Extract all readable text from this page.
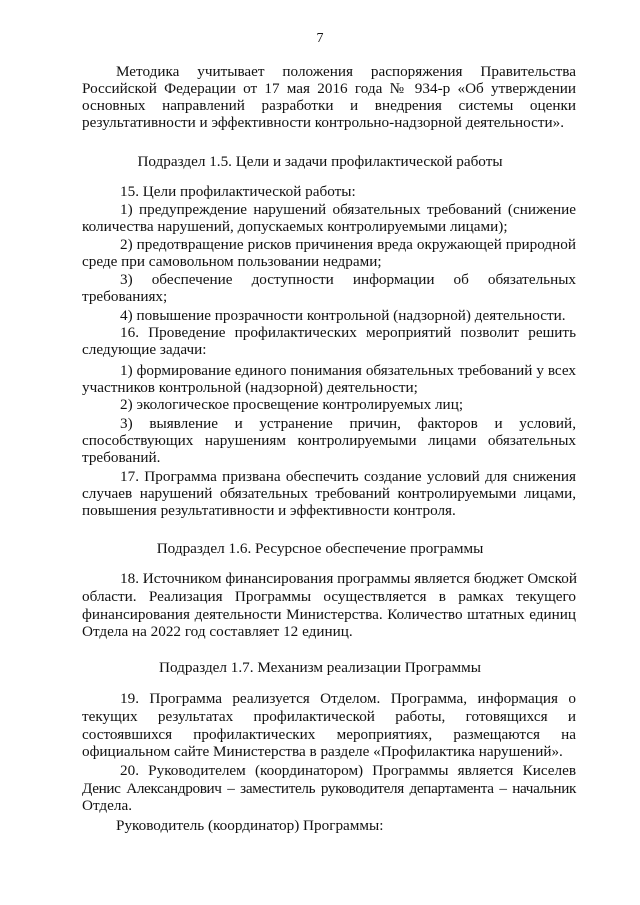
7
Методика учитывает положения распоряжения Правительства
Российской Федерации от 17 мая 2016 года № 934-р «Об утверждении
основных направлений разработки и внедрения системы оценки
результативности и эффективности контрольно-надзорной деятельности».
Подраздел 1.5. Цели и задачи профилактической работы
15. Цели профилактической работы:
1) предупреждение нарушений обязательных требований (снижение
количества нарушений, допускаемых контролируемыми лицами);
2) предотвращение рисков причинения вреда окружающей природной
среде при самовольном пользовании недрами;
3) обеспечение доступности информации об обязательных
требованиях;
4) повышение прозрачности контрольной (надзорной) деятельности.
16. Проведение профилактических мероприятий позволит решить
следующие задачи:
1) формирование единого понимания обязательных требований у всех
участников контрольной (надзорной) деятельности;
2) экологическое просвещение контролируемых лиц;
3) выявление и устранение причин, факторов и условий,
способствующих нарушениям контролируемыми лицами обязательных
требований.
17. Программа призвана обеспечить создание условий для снижения
случаев нарушений обязательных требований контролируемыми лицами,
повышения результативности и эффективности контроля.
Подраздел 1.6. Ресурсное обеспечение программы
18. Источником финансирования программы является бюджет Омской
области. Реализация Программы осуществляется в рамках текущего
финансирования деятельности Министерства. Количество штатных единиц
Отдела на 2022 год составляет 12 единиц.
Подраздел 1.7. Механизм реализации Программы
19. Программа реализуется Отделом. Программа, информация о
текущих результатах профилактической работы, готовящихся и
состоявшихся профилактических мероприятиях, размещаются на
официальном сайте Министерства в разделе «Профилактика нарушений».
20. Руководителем (координатором) Программы является Киселев
Денис Александрович – заместитель руководителя департамента – начальник
Отдела.
Руководитель (координатор) Программы:
